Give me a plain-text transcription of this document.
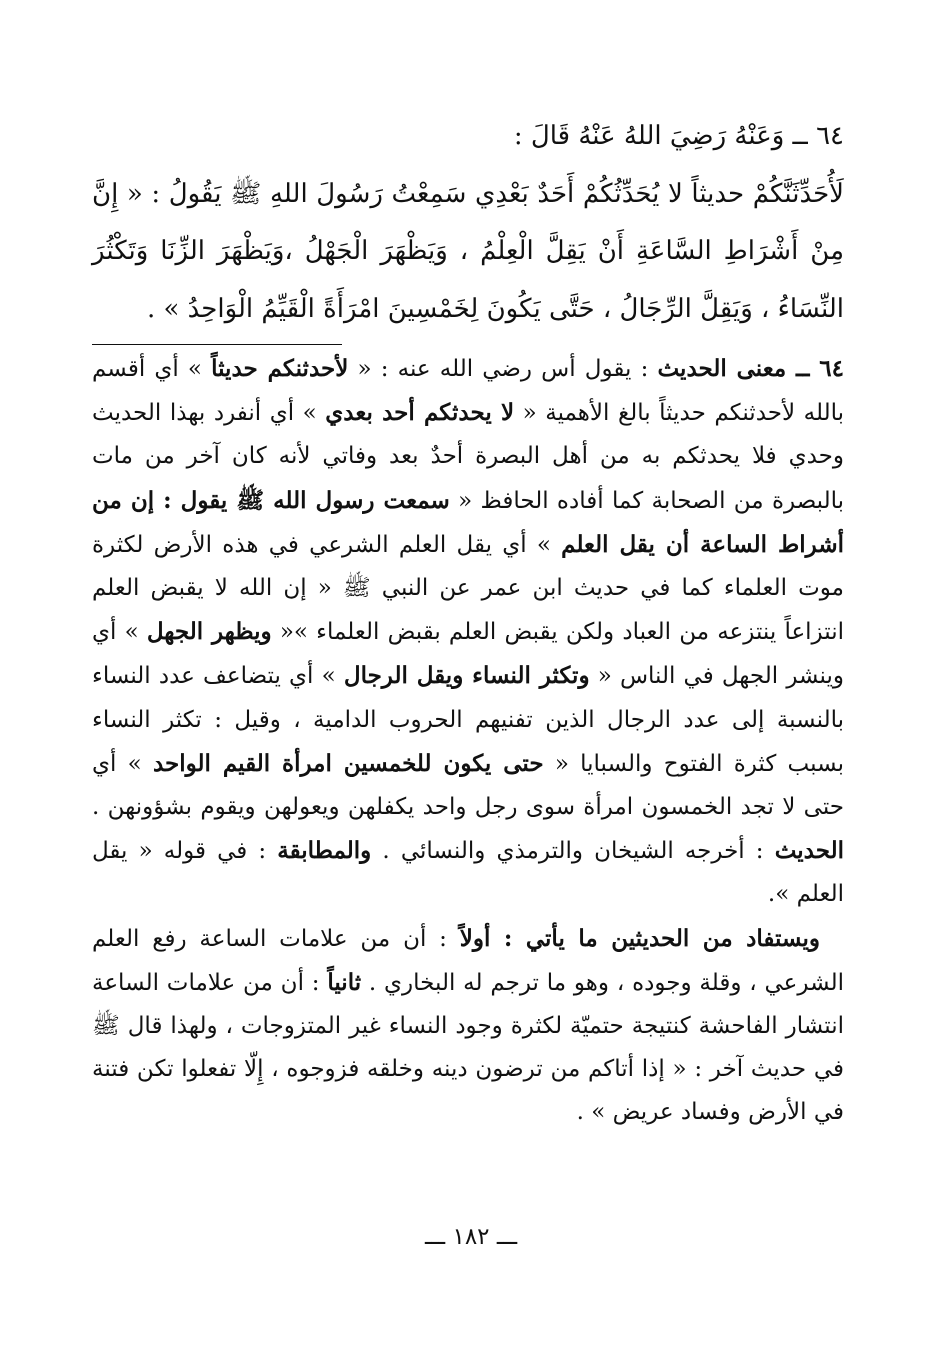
٦٤ ــ وَعَنْهُ رَضِيَ اللهُ عَنْهُ قَالَ :
لَأُحَدِّثَنَّكُمْ حديثاً لا يُحَدِّثُكُمْ أَحَدٌ بَعْدِي سَمِعْتُ رَسُولَ اللهِ ﷺ يَقُولُ : « إِنَّ مِنْ أَشْرَاطِ السَّاعَةِ أَنْ يَقِلَّ الْعِلْمُ ، وَيَظْهَرَ الْجَهْلُ ،وَيَظْهَرَ الزِّنَا وَتَكْثُرَ النِّسَاءُ ، وَيَقِلَّ الرِّجَالُ ، حَتَّى يَكُونَ لِخَمْسِينَ امْرَأَةً الْقَيِّمُ الْوَاحِدُ » .

٦٤ ــ معنى الحديث : يقول أس رضي الله عنه : « لأحدثنكم حديثاً » أي أقسم بالله لأحدثنكم حديثاً بالغ الأهمية « لا يحدثكم أحد بعدي » أي أنفرد بهذا الحديث وحدي فلا يحدثكم به من أهل البصرة أحدٌ بعد وفاتي لأنه كان آخر من مات بالبصرة من الصحابة كما أفاده الحافظ « سمعت رسول الله ﷺ يقول : إن من أشراط الساعة أن يقل العلم » أي يقل العلم الشرعي في هذه الأرض لكثرة موت العلماء كما في حديث ابن عمر عن النبي ﷺ « إن الله لا يقبض العلم انتزاعاً ينتزعه من العباد ولكن يقبض العلم بقبض العلماء »« ويظهر الجهل » أي وينشر الجهل في الناس « وتكثر النساء ويقل الرجال » أي يتضاعف عدد النساء بالنسبة إلى عدد الرجال الذين تفنيهم الحروب الدامية ، وقيل : تكثر النساء بسبب كثرة الفتوح والسبايا « حتى يكون للخمسين امرأة القيم الواحد » أي حتى لا تجد الخمسون امرأة سوى رجل واحد يكفلهن ويعولهن ويقوم بشؤونهن . الحديث : أخرجه الشيخان والترمذي والنسائي . والمطابقة : في قوله « يقل العلم ».

ويستفاد من الحديثين ما يأتي : أولاً : أن من علامات الساعة رفع العلم الشرعي ، وقلة وجوده ، وهو ما ترجم له البخاري . ثانياً : أن من علامات الساعة انتشار الفاحشة كنتيجة حتميّة لكثرة وجود النساء غير المتزوجات ، ولهذا قال ﷺ في حديث آخر : « إذا أتاكم من ترضون دينه وخلقه فزوجوه ، إِلّا تفعلوا تكن فتنة في الأرض وفساد عريض » .

ـــ ١٨٢ ـــ
